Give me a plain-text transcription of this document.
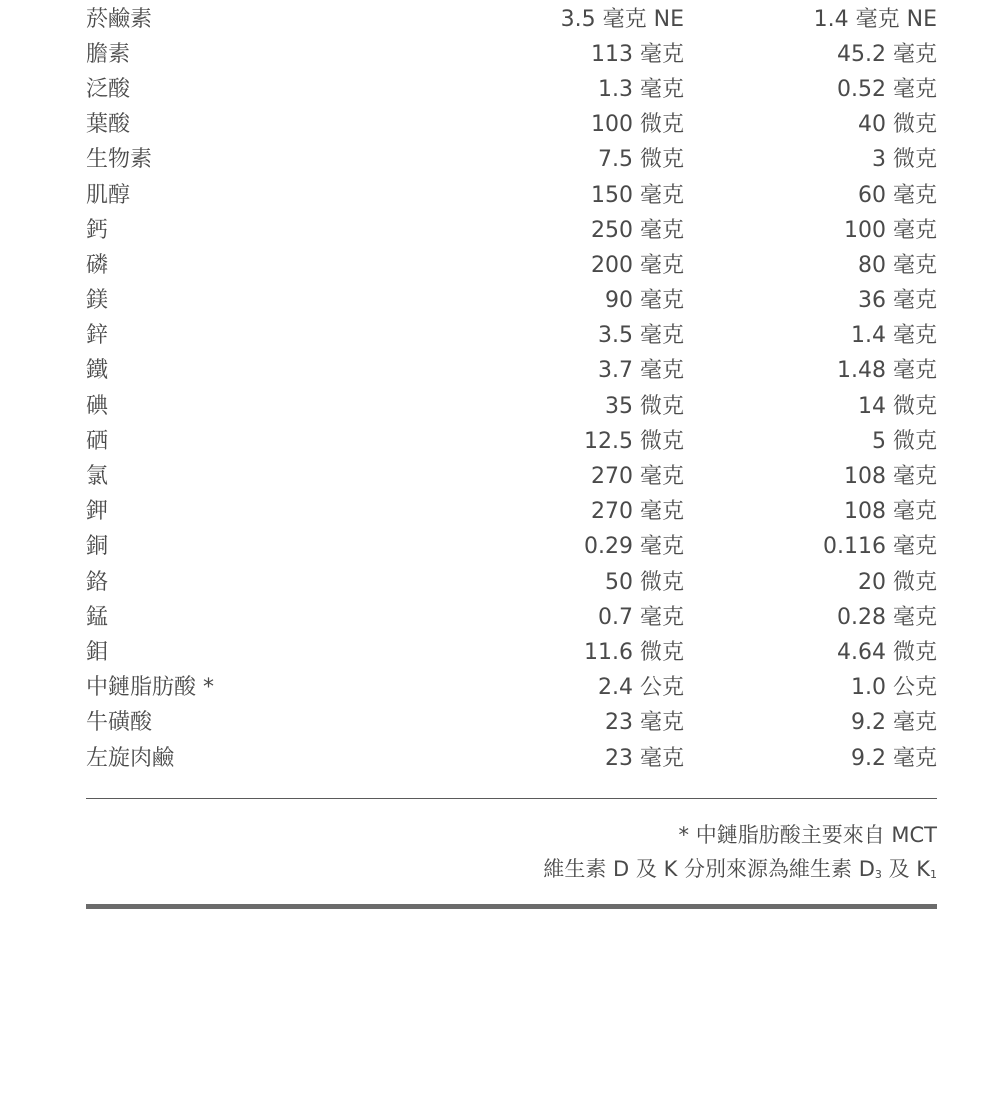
菸鹼素	3.5 毫克 NE	1.4 毫克 NE
膽素	113 毫克	45.2 毫克
泛酸	1.3 毫克	0.52 毫克
葉酸	100 微克	40 微克
生物素	7.5 微克	3 微克
肌醇	150 毫克	60 毫克
鈣	250 毫克	100 毫克
磷	200 毫克	80 毫克
鎂	90 毫克	36 毫克
鋅	3.5 毫克	1.4 毫克
鐵	3.7 毫克	1.48 毫克
碘	35 微克	14 微克
硒	12.5 微克	5 微克
氯	270 毫克	108 毫克
鉀	270 毫克	108 毫克
銅	0.29 毫克	0.116 毫克
鉻	50 微克	20 微克
錳	0.7 毫克	0.28 毫克
鉬	11.6 微克	4.64 微克
中鏈脂肪酸 *	2.4 公克	1.0 公克
牛磺酸	23 毫克	9.2 毫克
左旋肉鹼	23 毫克	9.2 毫克
* 中鏈脂肪酸主要來自 MCT
維生素 D 及 K 分別來源為維生素 D3 及 K1
